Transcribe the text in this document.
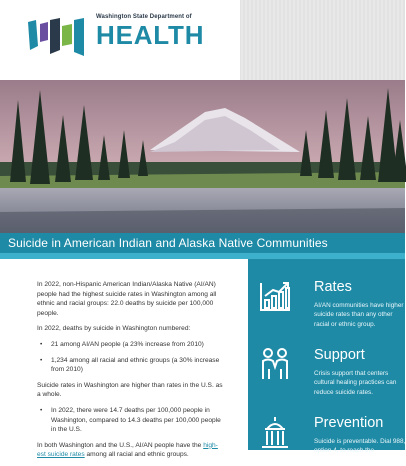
Washington State Department of
HEALTH
Suicide in American Indian and Alaska Native Communities

In 2022, non-Hispanic American Indian/Alaska Native (AI/AN) people had the highest suicide rates in Washington among all ethnic and racial groups: 22.0 deaths by suicide per 100,000 people.

In 2022, deaths by suicide in Washington numbered:

• 21 among AI/AN people (a 23% increase from 2010)
• 1,234 among all racial and ethnic groups (a 30% increase from 2010)

Suicide rates in Washington are higher than rates in the U.S. as a whole.

• In 2022, there were 14.7 deaths per 100,000 people in Washington, compared to 14.3 deaths per 100,000 people in the U.S.

In both Washington and the U.S., AI/AN people have the high-est suicide rates among all racial and ethnic groups.

Rates
AI/AN communities have higher suicide rates than any other racial or ethnic group.
Support
Crisis support that centers cultural healing practices can reduce suicide rates.
Prevention
Suicide is preventable. Dial 988, option 4, to reach the
